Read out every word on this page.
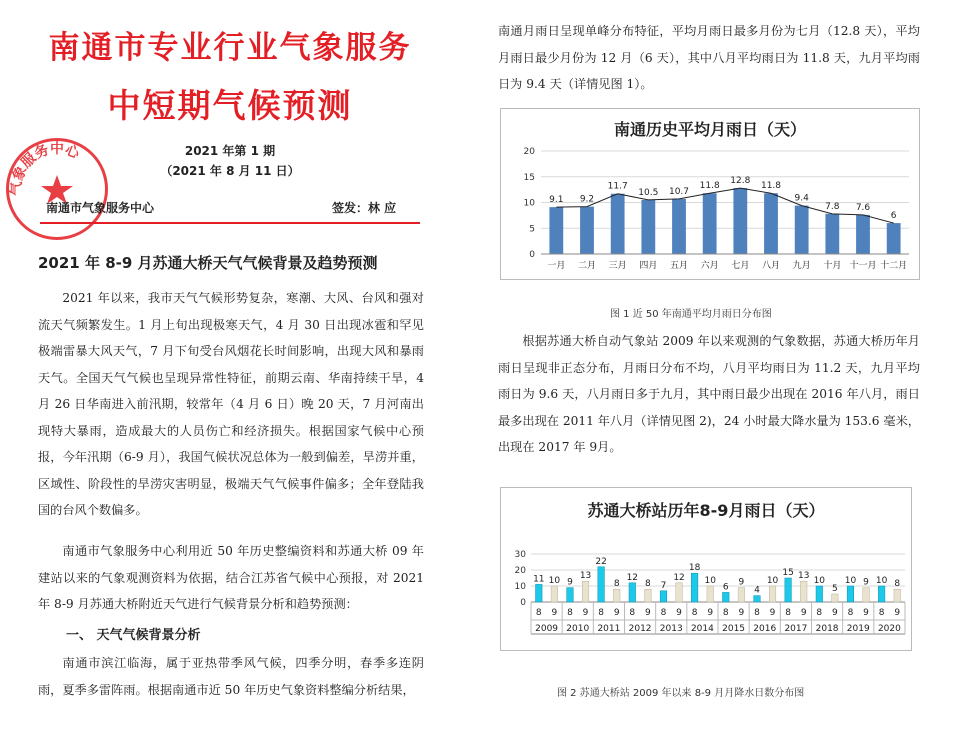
南通市专业行业气象服务
中短期气候预测
2021 年第 1 期
（2021 年 8 月 11 日）
气象服务中心
南通市气象服务中心	签发：林 应
2021 年 8-9 月苏通大桥天气气候背景及趋势预测
2021 年以来，我市天气气候形势复杂，寒潮、大风、台风和强对流天气频繁发生。1 月上旬出现极寒天气，4 月 30 日出现冰雹和罕见极端雷暴大风天气，7 月下旬受台风烟花长时间影响，出现大风和暴雨天气。全国天气气候也呈现异常性特征，前期云南、华南持续干旱，4 月 26 日华南进入前汛期，较常年（4 月 6 日）晚 20 天，7 月河南出现特大暴雨，造成最大的人员伤亡和经济损失。根据国家气候中心预报，今年汛期（6-9 月），我国气候状况总体为一般到偏差，旱涝并重，区域性、阶段性的旱涝灾害明显，极端天气气候事件偏多；全年登陆我国的台风个数偏多。
南通市气象服务中心利用近 50 年历史整编资料和苏通大桥 09 年建站以来的气象观测资料为依据，结合江苏省气候中心预报，对 2021 年 8-9 月苏通大桥附近天气进行气候背景分析和趋势预测：
一、 天气气候背景分析
南通市滨江临海，属于亚热带季风气候，四季分明，春季多连阴雨，夏季多雷阵雨。根据南通市近 50 年历史气象资料整编分析结果，
南通月雨日呈现单峰分布特征，平均月雨日最多月份为七月（12.8 天），平均月雨日最少月份为 12 月（6 天），其中八月平均雨日为 11.8 天，九月平均雨日为 9.4 天（详情见图 1）。
南通历史平均月雨日（天）
0
5
10
15
20
9.1
一月
9.2
二月
11.7
三月
10.5
四月
10.7
五月
11.8
六月
12.8
七月
11.8
八月
9.4
九月
7.8
十月
7.6
十一月
6
十二月
图 1 近 50 年南通平均月雨日分布图
根据苏通大桥自动气象站 2009 年以来观测的气象数据，苏通大桥历年月雨日呈现非正态分布，月雨日分布不均，八月平均雨日为 11.2 天，九月平均雨日为 9.6 天，八月雨日多于九月，其中雨日最少出现在 2016 年八月，雨日最多出现在 2011 年八月（详情见图 2)，24 小时最大降水量为 153.6 毫米，出现在 2017 年 9月。
苏通大桥站历年8-9月雨日（天）
0
10
20
30
2009
11
8
10
9
2010
9
8
13
9
2011
22
8
8
9
2012
12
8
8
9
2013
7
8
12
9
2014
18
8
10
9
2015
6
8
9
9
2016
4
8
10
9
2017
15
8
13
9
2018
10
8
5
9
2019
10
8
9
9
2020
10
8
8
9
图 2 苏通大桥站 2009 年以来 8-9 月月降水日数分布图
